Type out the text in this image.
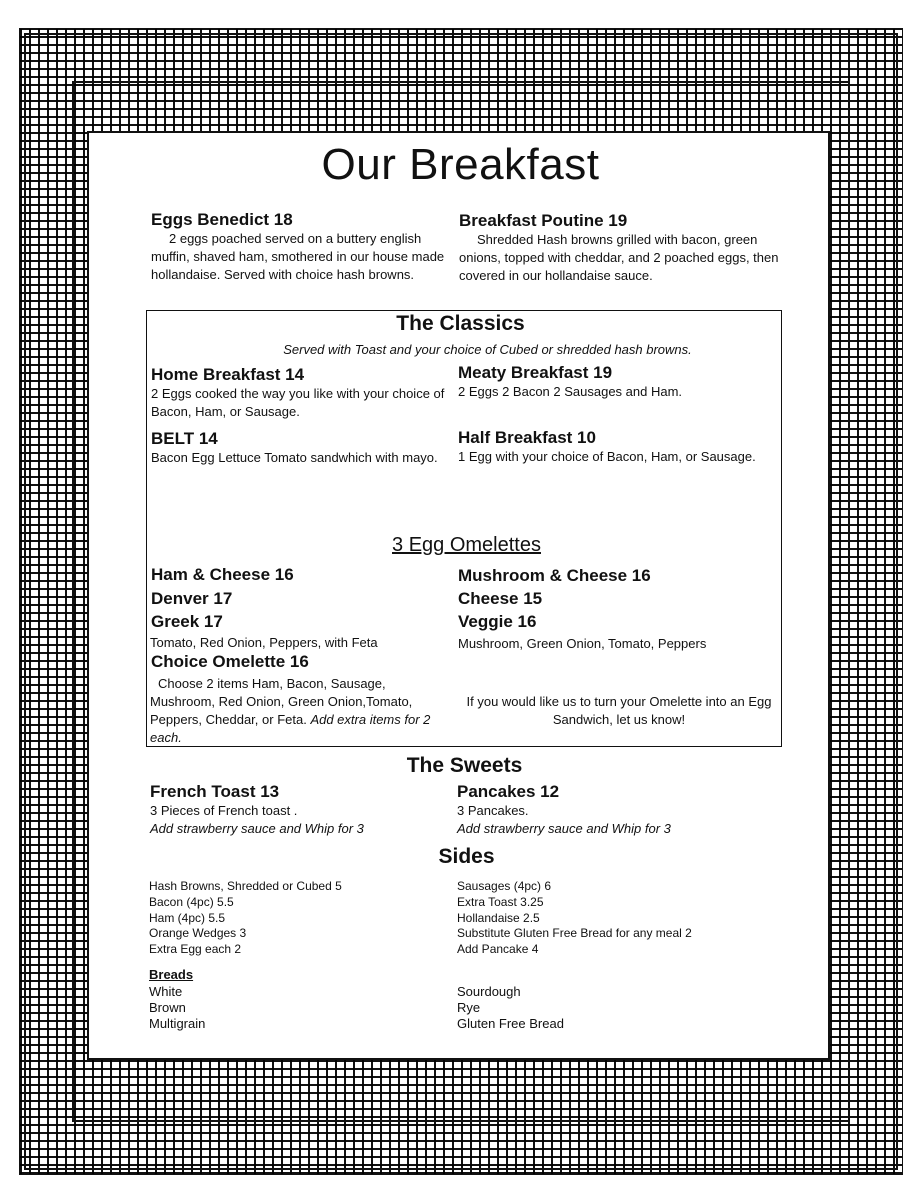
Our Breakfast
Eggs Benedict 18
2 eggs poached served on a buttery english muffin, shaved ham, smothered in our house made hollandaise. Served with choice hash browns.
Breakfast Poutine 19
Shredded Hash browns grilled with bacon, green onions, topped with cheddar, and 2 poached eggs, then covered in our hollandaise sauce.
The Classics
Served with Toast and your choice of Cubed or shredded hash browns.
Home Breakfast 14
2 Eggs cooked the way you like with your choice of Bacon, Ham, or Sausage.
Meaty Breakfast 19
2 Eggs 2 Bacon 2 Sausages and Ham.
BELT 14
Bacon Egg Lettuce Tomato sandwhich with mayo.
Half Breakfast 10
1 Egg with your choice of Bacon, Ham, or Sausage.
3 Egg Omelettes
Ham & Cheese 16	Mushroom & Cheese 16
Denver 17	Cheese 15
Greek 17	Veggie 16
Tomato, Red Onion, Peppers, with Feta	Mushroom, Green Onion, Tomato, Peppers
Choice Omelette 16
Choose 2 items Ham, Bacon, Sausage, Mushroom, Red Onion, Green Onion,Tomato, Peppers, Cheddar, or Feta. Add extra items for 2 each.
If you would like us to turn your Omelette into an Egg Sandwich, let us know!
The Sweets
French Toast 13
3 Pieces of French toast .
Add strawberry sauce and Whip for 3
Pancakes 12
3 Pancakes.
Add strawberry sauce and Whip for 3
Sides
Hash Browns, Shredded or Cubed 5
Bacon (4pc) 5.5
Ham (4pc) 5.5
Orange Wedges 3
Extra Egg each 2
Sausages (4pc) 6
Extra Toast 3.25
Hollandaise 2.5
Substitute Gluten Free Bread for any meal 2
Add Pancake 4
Breads
White
Brown
Multigrain
Sourdough
Rye
Gluten Free Bread
